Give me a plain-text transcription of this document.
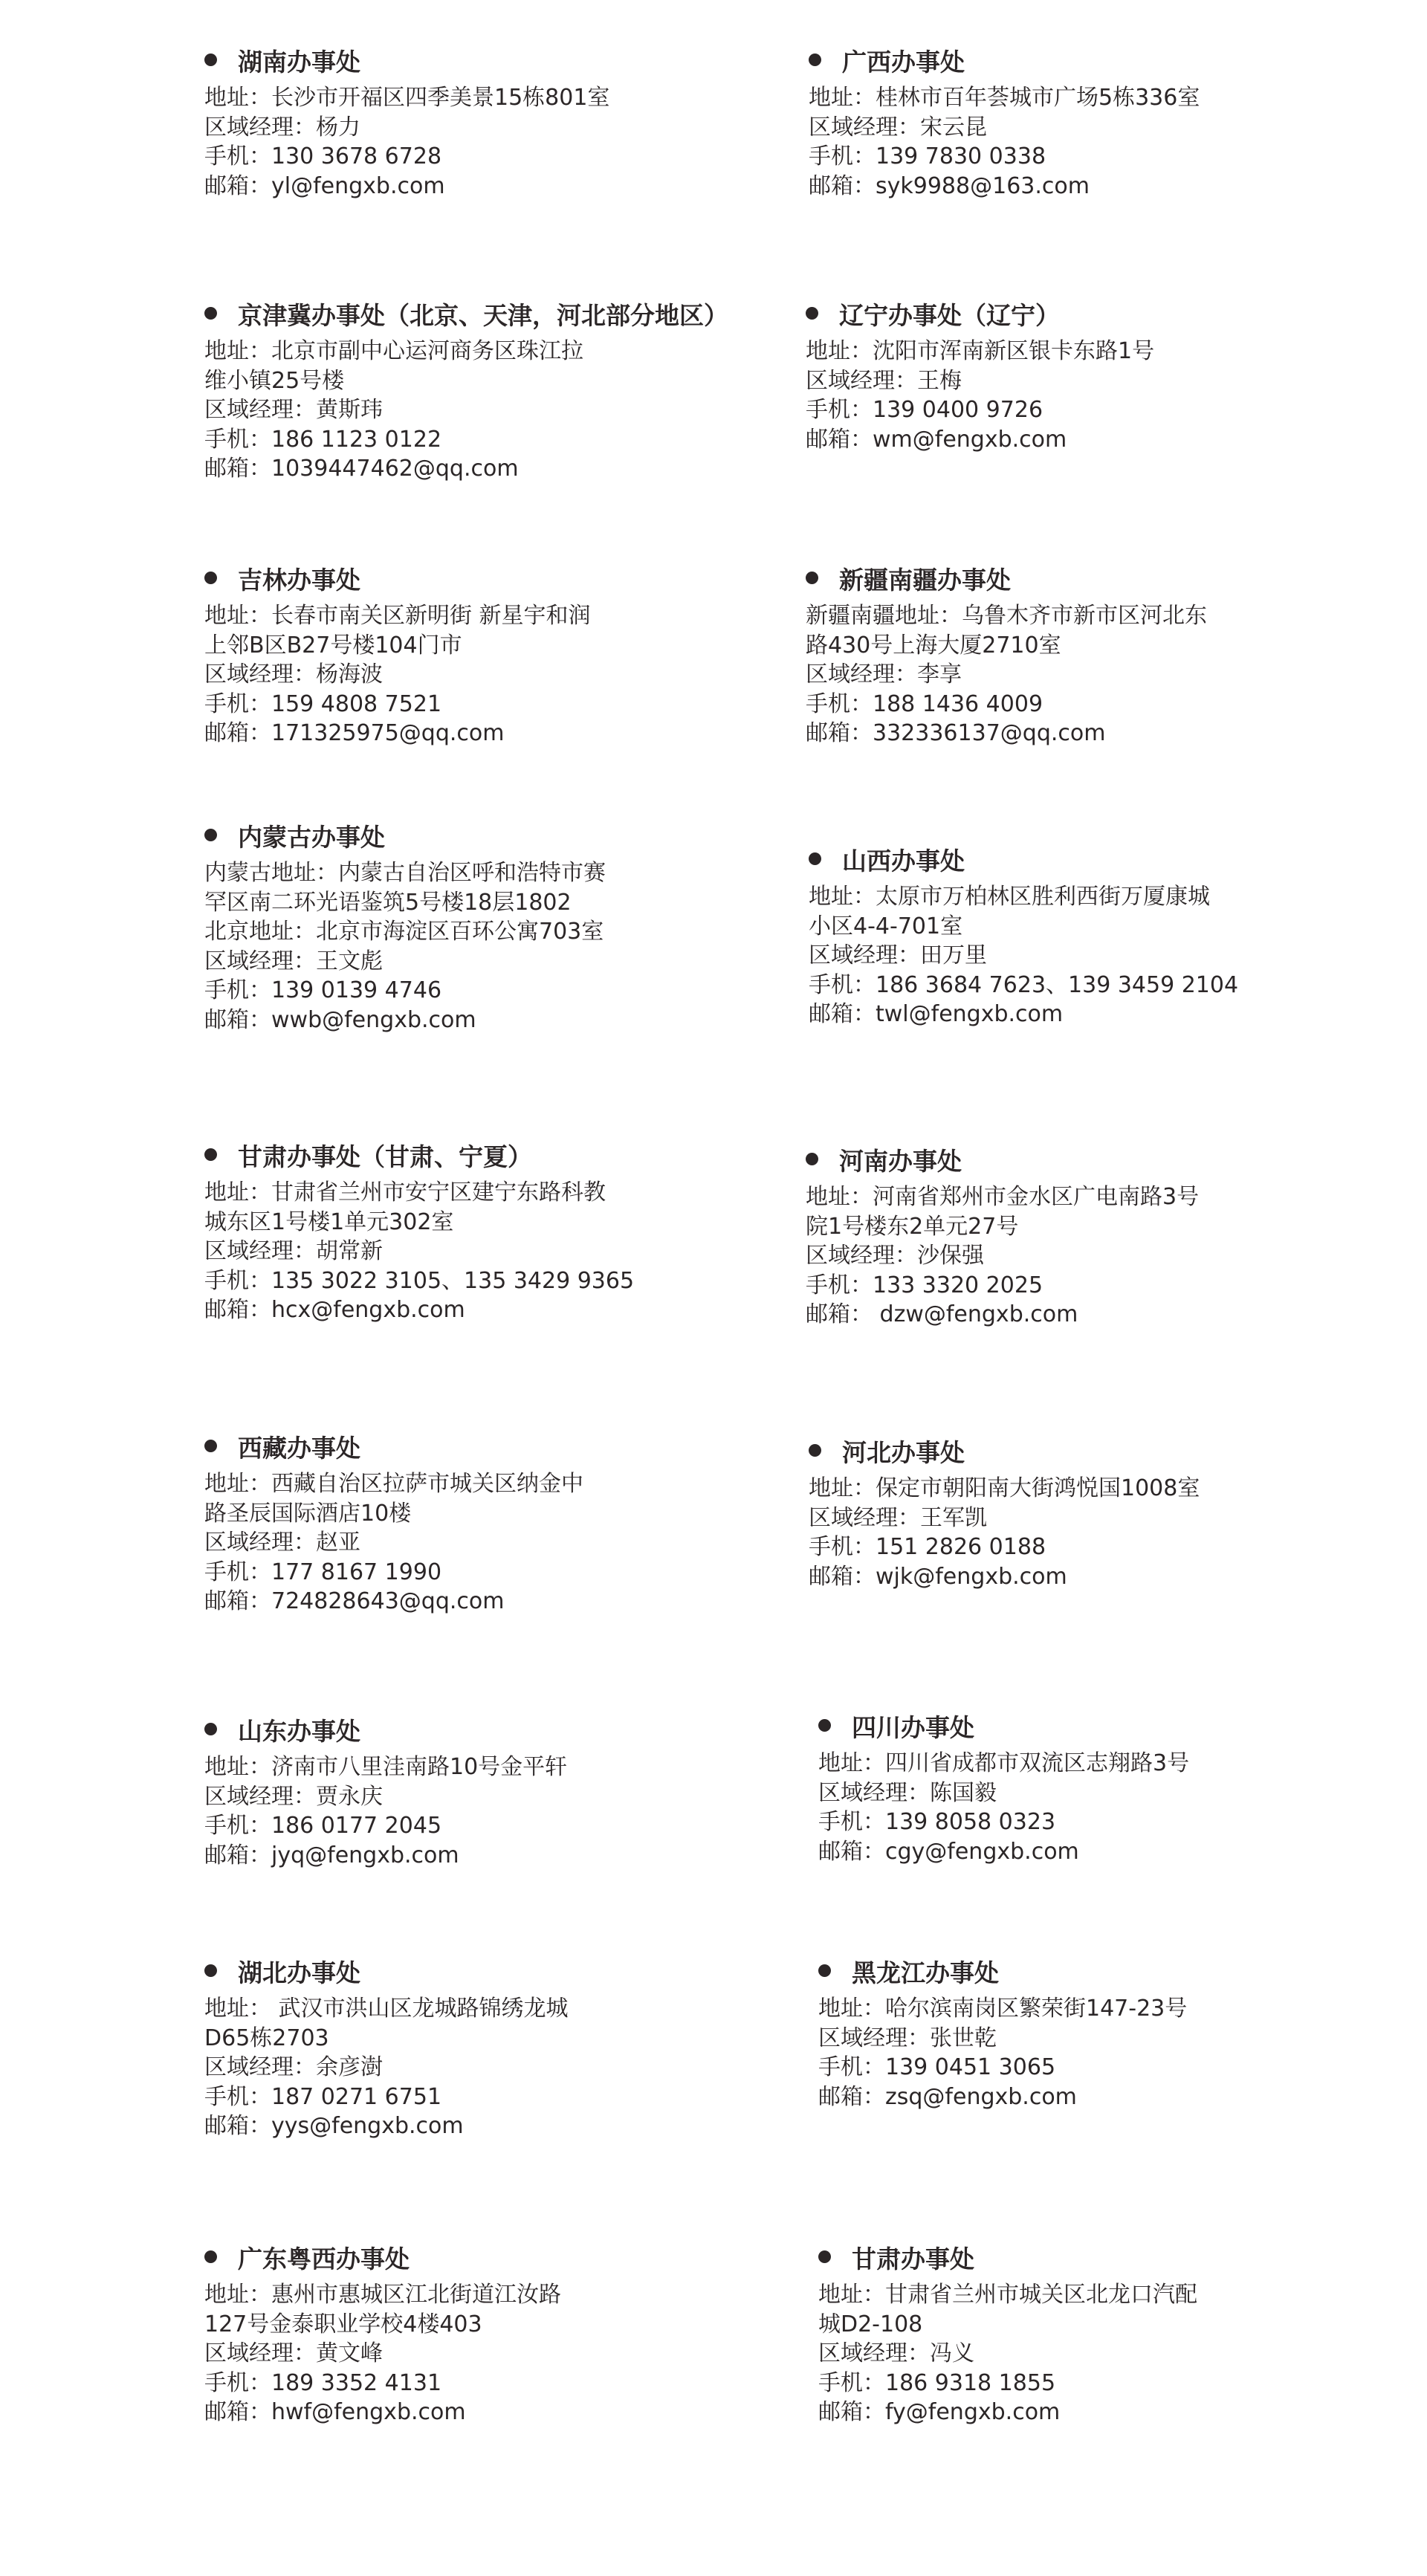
湖南办事处
地址：长沙市开福区四季美景15栋801室
区域经理：杨力
手机：130 3678 6728
邮箱：yl@fengxb.com
京津冀办事处（北京、天津，河北部分地区）
地址：北京市副中心运河商务区珠江拉
维小镇25号楼
区域经理：黄斯玮
手机：186 1123 0122
邮箱：1039447462@qq.com
吉林办事处
地址：长春市南关区新明街 新星宇和润
上邻B区B27号楼104门市
区域经理：杨海波
手机：159 4808 7521
邮箱：171325975@qq.com
内蒙古办事处
内蒙古地址：内蒙古自治区呼和浩特市赛
罕区南二环光语鉴筑5号楼18层1802
北京地址：北京市海淀区百环公寓703室
区域经理：王文彪
手机：139 0139 4746
邮箱：wwb@fengxb.com
甘肃办事处（甘肃、宁夏）
地址：甘肃省兰州市安宁区建宁东路科教
城东区1号楼1单元302室
区域经理：胡常新
手机：135 3022 3105、135 3429 9365
邮箱：hcx@fengxb.com
西藏办事处
地址：西藏自治区拉萨市城关区纳金中
路圣辰国际酒店10楼
区域经理：赵亚
手机：177 8167 1990
邮箱：724828643@qq.com
山东办事处
地址：济南市八里洼南路10号金平轩
区域经理：贾永庆
手机：186 0177 2045
邮箱：jyq@fengxb.com
湖北办事处
地址： 武汉市洪山区龙城路锦绣龙城
D65栋2703
区域经理：余彦澍
手机：187 0271 6751
邮箱：yys@fengxb.com
广东粤西办事处
地址：惠州市惠城区江北街道江汝路
127号金泰职业学校4楼403
区域经理：黄文峰
手机：189 3352 4131
邮箱：hwf@fengxb.com
广西办事处
地址：桂林市百年荟城市广场5栋336室
区域经理：宋云昆
手机：139 7830 0338
邮箱：syk9988@163.com
辽宁办事处（辽宁）
地址：沈阳市浑南新区银卡东路1号
区域经理：王梅
手机：139 0400 9726
邮箱：wm@fengxb.com
新疆南疆办事处
新疆南疆地址：乌鲁木齐市新市区河北东
路430号上海大厦2710室
区域经理：李享
手机：188 1436 4009
邮箱：332336137@qq.com
山西办事处
地址：太原市万柏林区胜利西街万厦康城
小区4-4-701室
区域经理：田万里
手机：186 3684 7623、139 3459 2104
邮箱：twl@fengxb.com
河南办事处
地址：河南省郑州市金水区广电南路3号
院1号楼东2单元27号
区域经理：沙保强
手机：133 3320 2025
邮箱： dzw@fengxb.com
河北办事处
地址：保定市朝阳南大街鸿悦国1008室
区域经理：王军凯
手机：151 2826 0188
邮箱：wjk@fengxb.com
四川办事处
地址：四川省成都市双流区志翔路3号
区域经理：陈国毅
手机：139 8058 0323
邮箱：cgy@fengxb.com
黑龙江办事处
地址：哈尔滨南岗区繁荣街147-23号
区域经理：张世乾
手机：139 0451 3065
邮箱：zsq@fengxb.com
甘肃办事处
地址：甘肃省兰州市城关区北龙口汽配
城D2-108
区域经理：冯义
手机：186 9318 1855
邮箱：fy@fengxb.com
